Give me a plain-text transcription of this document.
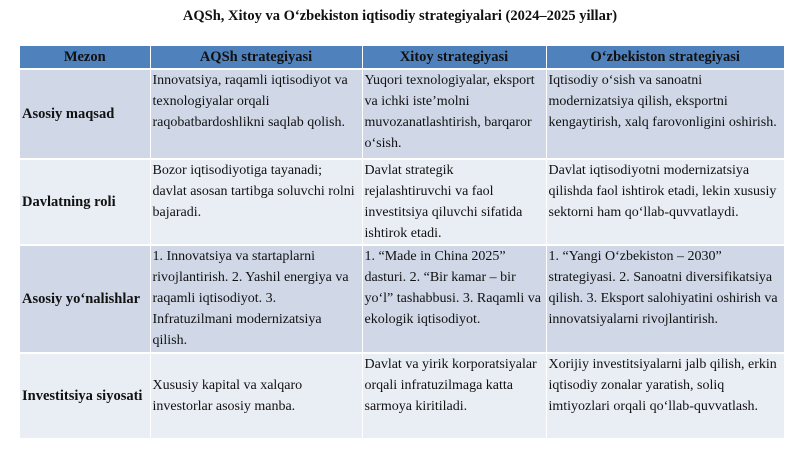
AQSh, Xitoy va O‘zbekiston iqtisodiy strategiyalari (2024–2025 yillar)
Mezon	AQSh strategiyasi	Xitoy strategiyasi	O‘zbekiston strategiyasi
Asosiy maqsad	Innovatsiya, raqamli iqtisodiyot va texnologiyalar orqali raqobatbardoshlikni saqlab qolish.	Yuqori texnologiyalar, eksport va ichki iste’molni muvozanatlashtirish, barqaror o‘sish.	Iqtisodiy o‘sish va sanoatni modernizatsiya qilish, eksportni kengaytirish, xalq farovonligini oshirish.
Davlatning roli	Bozor iqtisodiyotiga tayanadi; davlat asosan tartibga soluvchi rolni bajaradi.	Davlat strategik rejalashtiruvchi va faol investitsiya qiluvchi sifatida ishtirok etadi.	Davlat iqtisodiyotni modernizatsiya qilishda faol ishtirok etadi, lekin xususiy sektorni ham qo‘llab-quvvatlaydi.
Asosiy yo‘nalishlar	1. Innovatsiya va startaplarni rivojlantirish. 2. Yashil energiya va raqamli iqtisodiyot. 3. Infratuzilmani modernizatsiya qilish.	1. “Made in China 2025” dasturi. 2. “Bir kamar – bir yo‘l” tashabbusi. 3. Raqamli va ekologik iqtisodiyot.	1. “Yangi O‘zbekiston – 2030” strategiyasi. 2. Sanoatni diversifikatsiya qilish. 3. Eksport salohiyatini oshirish va innovatsiyalarni rivojlantirish.
Investitsiya siyosati	Xususiy kapital va xalqaro investorlar asosiy manba.	Davlat va yirik korporatsiyalar orqali infratuzilmaga katta sarmoya kiritiladi.	Xorijiy investitsiyalarni jalb qilish, erkin iqtisodiy zonalar yaratish, soliq imtiyozlari orqali qo‘llab-quvvatlash.
